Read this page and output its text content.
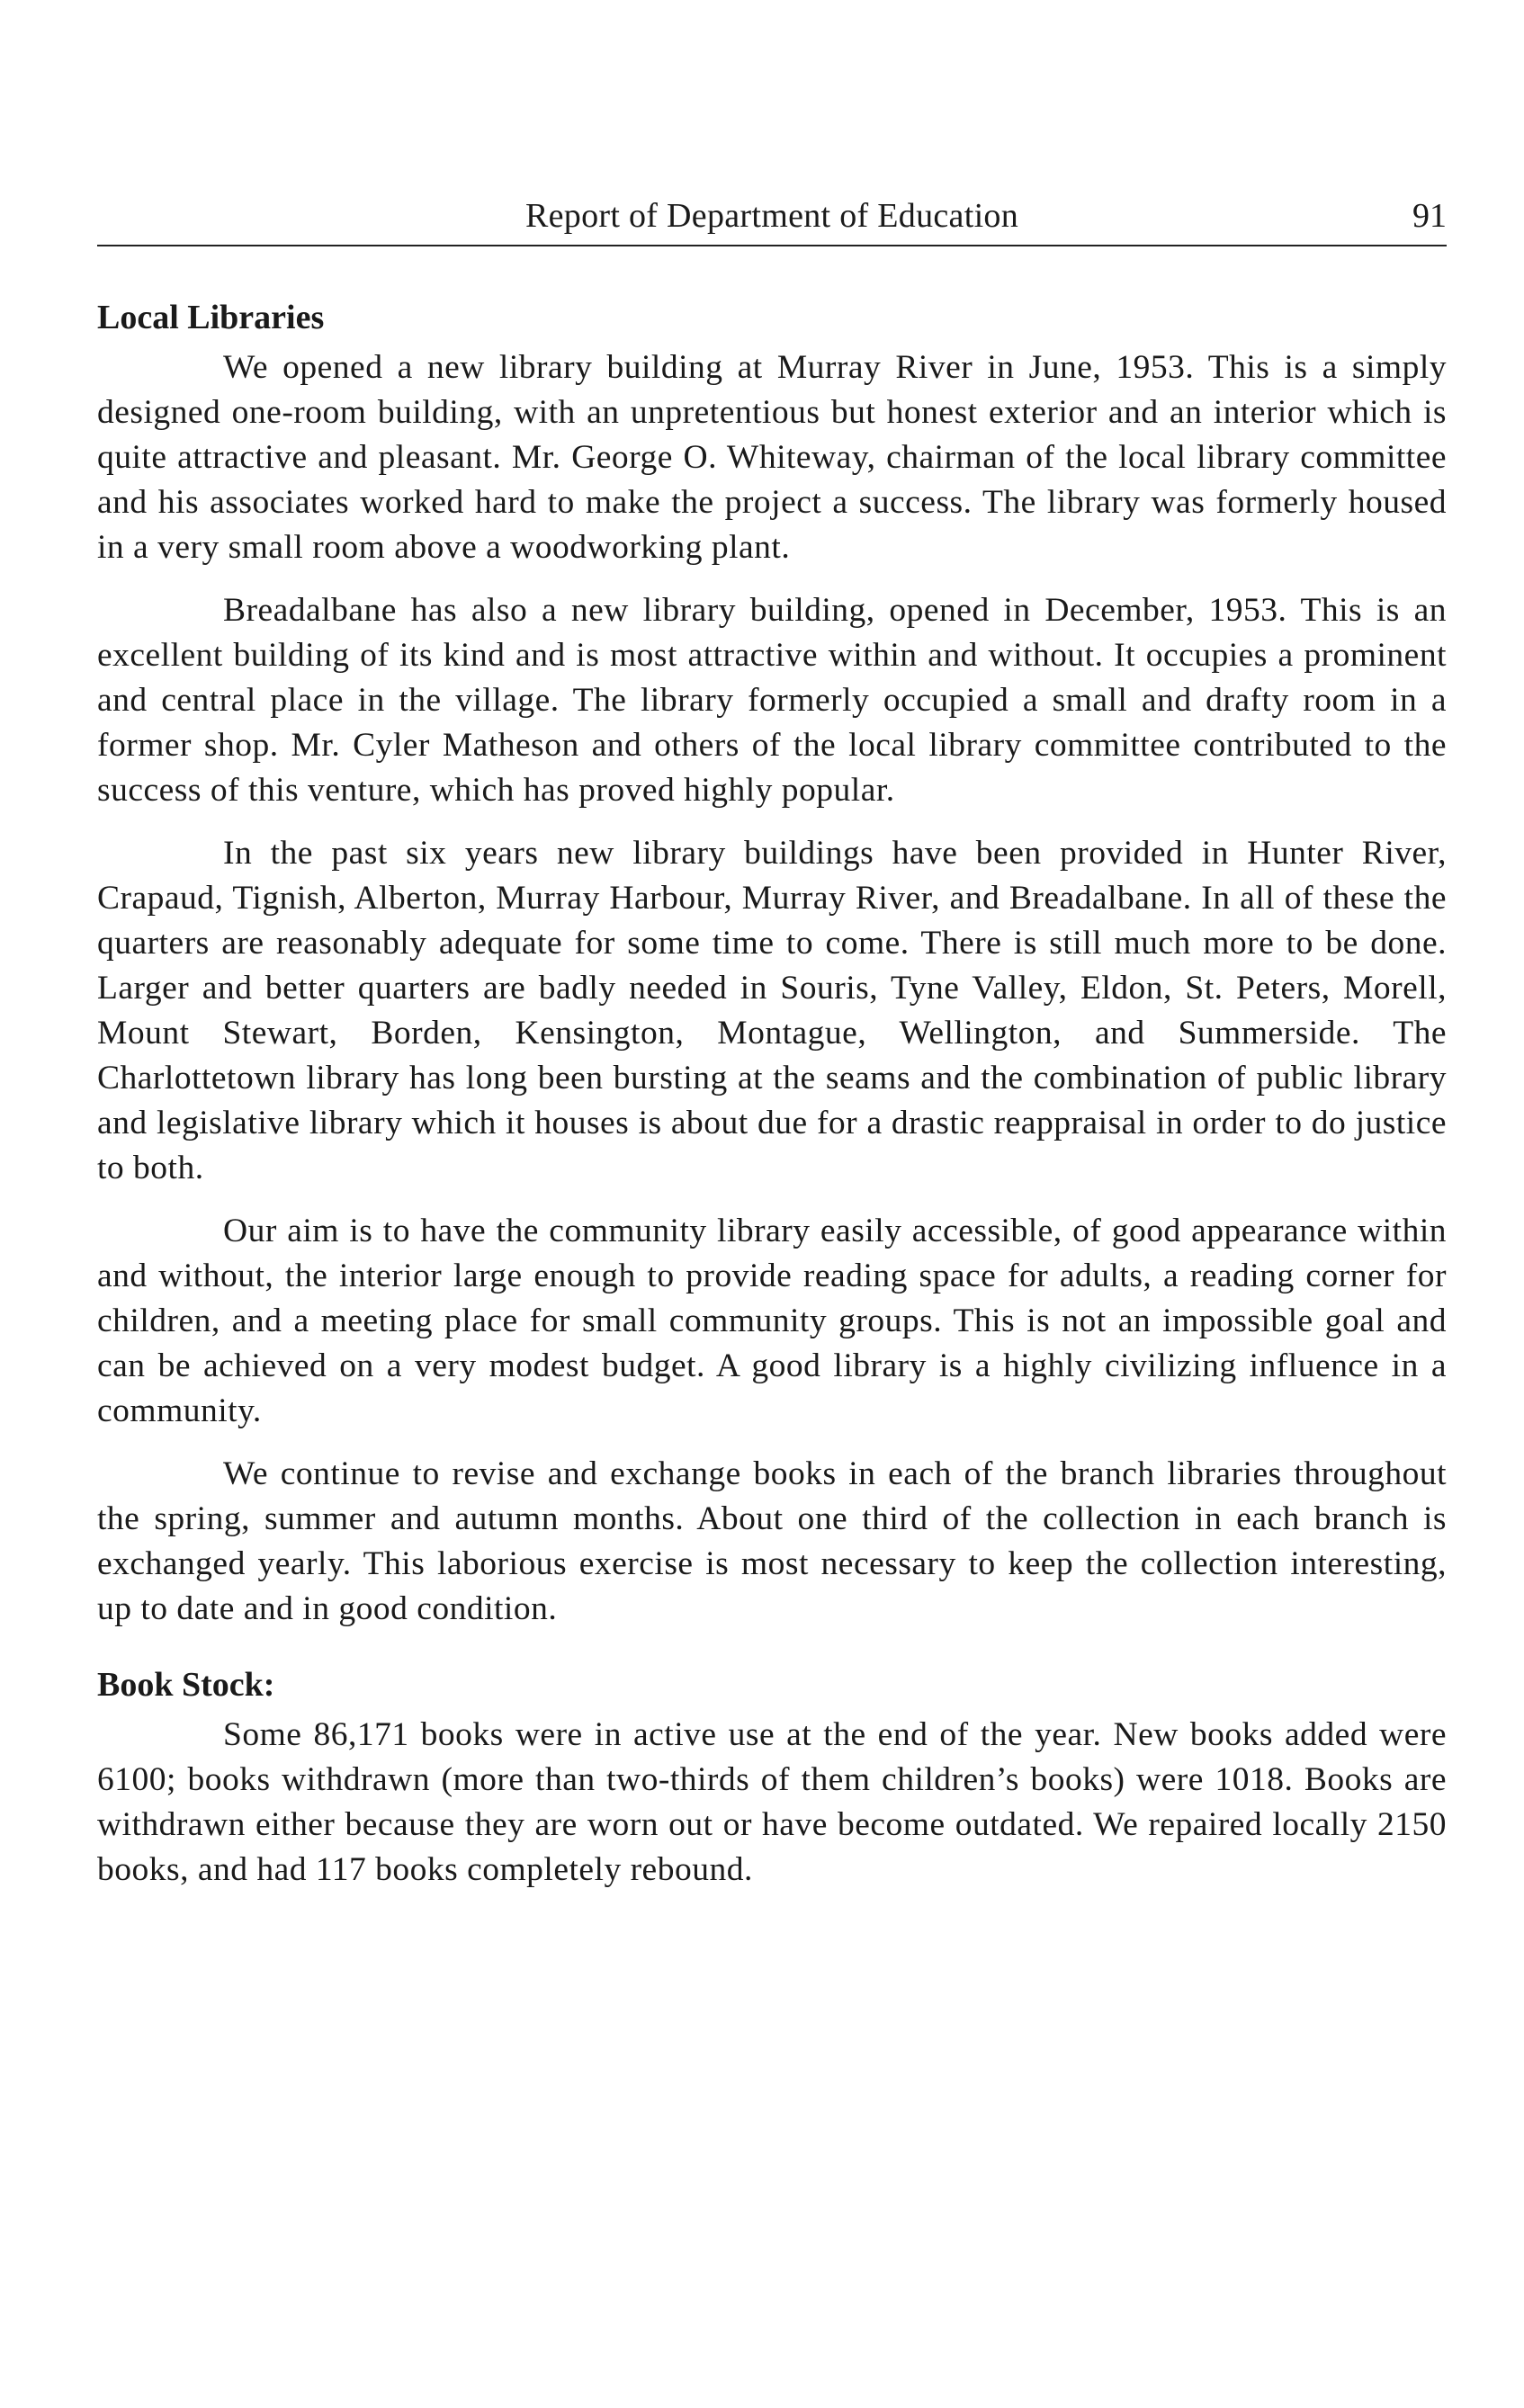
Report of Department of Education	91
Local Libraries

We opened a new library building at Murray River in June, 1953. This is a simply designed one-room building, with an unpretentious but honest exterior and an interior which is quite attractive and pleasant. Mr. George O. Whiteway, chairman of the local library committee and his associates worked hard to make the project a success. The library was formerly housed in a very small room above a woodworking plant.

Breadalbane has also a new library building, opened in December, 1953. This is an excellent building of its kind and is most attractive within and without. It occupies a prominent and central place in the village. The library formerly occupied a small and drafty room in a former shop. Mr. Cyler Matheson and others of the local library committee contributed to the success of this venture, which has proved highly popular.

In the past six years new library buildings have been provided in Hunter River, Crapaud, Tignish, Alberton, Murray Harbour, Murray River, and Breadalbane. In all of these the quarters are reasonably adequate for some time to come. There is still much more to be done. Larger and better quarters are badly needed in Souris, Tyne Valley, Eldon, St. Peters, Morell, Mount Stewart, Borden, Kensington, Montague, Wellington, and Summerside. The Charlottetown library has long been bursting at the seams and the combination of public library and legislative library which it houses is about due for a drastic reappraisal in order to do justice to both.

Our aim is to have the community library easily accessible, of good appearance within and without, the interior large enough to provide reading space for adults, a reading corner for children, and a meeting place for small community groups. This is not an impossible goal and can be achieved on a very modest budget. A good library is a highly civilizing influence in a community.

We continue to revise and exchange books in each of the branch libraries throughout the spring, summer and autumn months. About one third of the collection in each branch is exchanged yearly. This laborious exercise is most necessary to keep the collection interesting, up to date and in good condition.

Book Stock:

Some 86,171 books were in active use at the end of the year. New books added were 6100; books withdrawn (more than two-thirds of them children’s books) were 1018. Books are withdrawn either because they are worn out or have become outdated. We repaired locally 2150 books, and had 117 books completely rebound.
